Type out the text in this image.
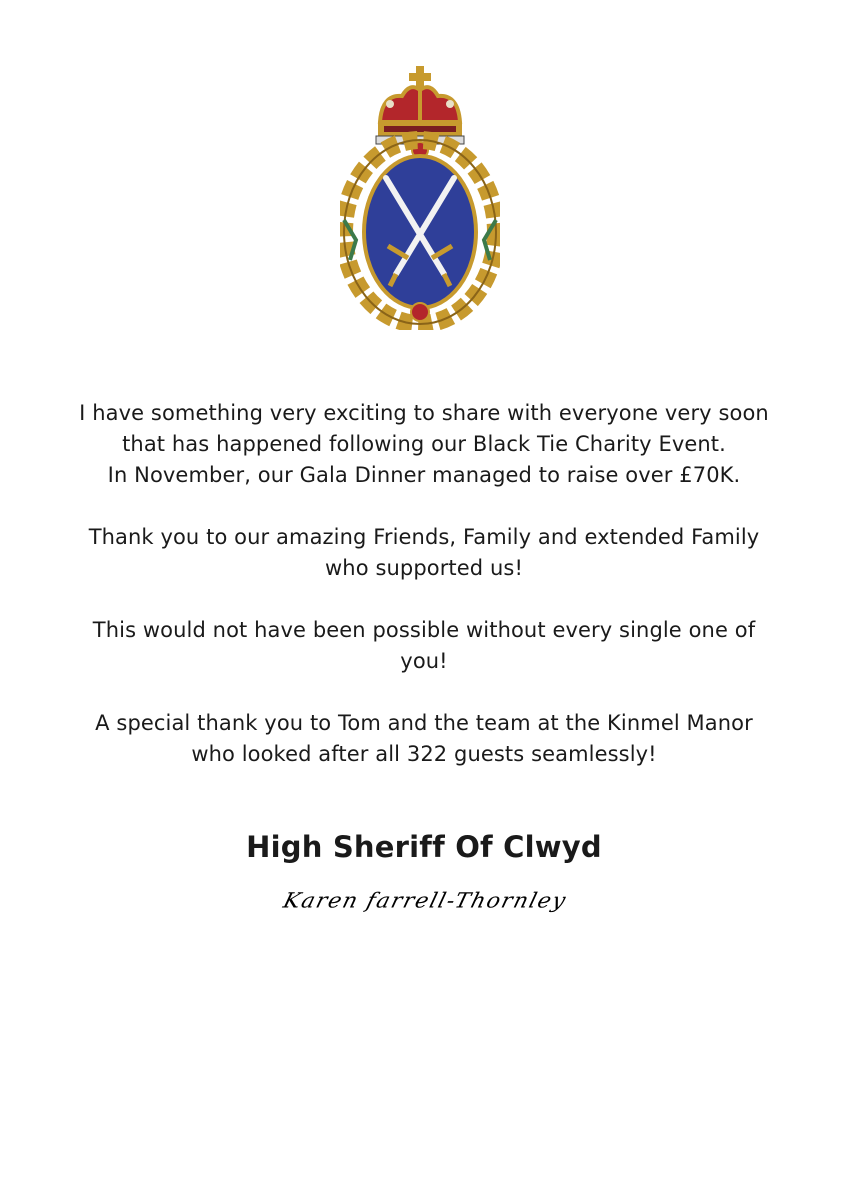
I have something very exciting to share with everyone very soon
that has happened following our Black Tie Charity Event.
In November, our Gala Dinner managed to raise over £70K.

Thank you to our amazing Friends, Family and extended Family
who supported us!

This would not have been possible without every single one of
you!

A special thank you to Tom and the team at the Kinmel Manor
who looked after all 322 guests seamlessly!

High Sheriff Of Clwyd
Karen farrell-Thornley
